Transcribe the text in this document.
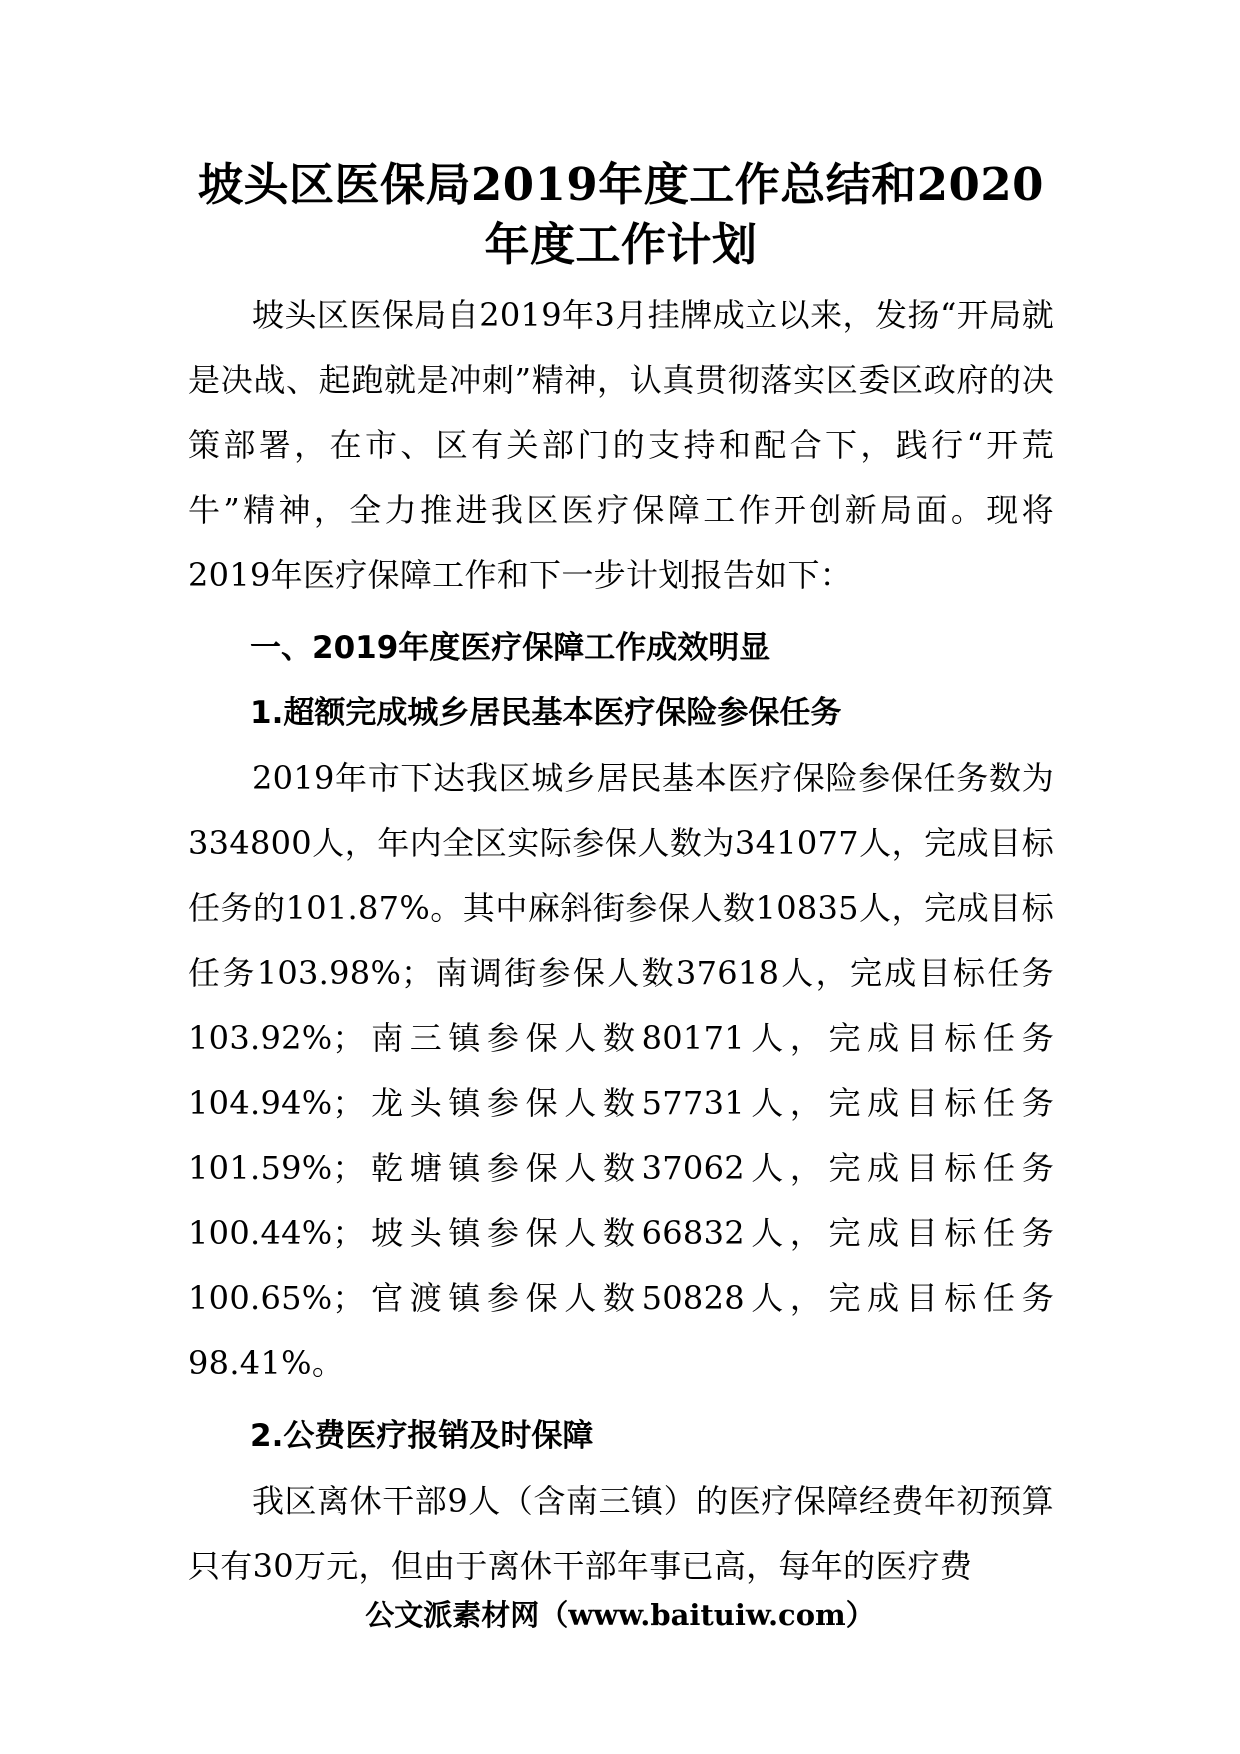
坡头区医保局2019年度工作总结和2020年度工作计划

坡头区医保局自2019年3月挂牌成立以来，发扬“开局就是决战、起跑就是冲刺”精神，认真贯彻落实区委区政府的决策部署，在市、区有关部门的支持和配合下，践行“开荒牛”精神，全力推进我区医疗保障工作开创新局面。现将2019年医疗保障工作和下一步计划报告如下：

一、2019年度医疗保障工作成效明显

1.超额完成城乡居民基本医疗保险参保任务

2019年市下达我区城乡居民基本医疗保险参保任务数为334800人，年内全区实际参保人数为341077人，完成目标任务的101.87%。其中麻斜街参保人数10835人，完成目标任务103.98%；南调街参保人数37618人，完成目标任务103.92%；南三镇参保人数80171人，完成目标任务104.94%；龙头镇参保人数57731人，完成目标任务101.59%；乾塘镇参保人数37062人，完成目标任务100.44%；坡头镇参保人数66832人，完成目标任务100.65%；官渡镇参保人数50828人，完成目标任务98.41%。

2.公费医疗报销及时保障

我区离休干部9人（含南三镇）的医疗保障经费年初预算只有30万元，但由于离休干部年事已高，每年的医疗费

公文派素材网（www.baituiw.com）
